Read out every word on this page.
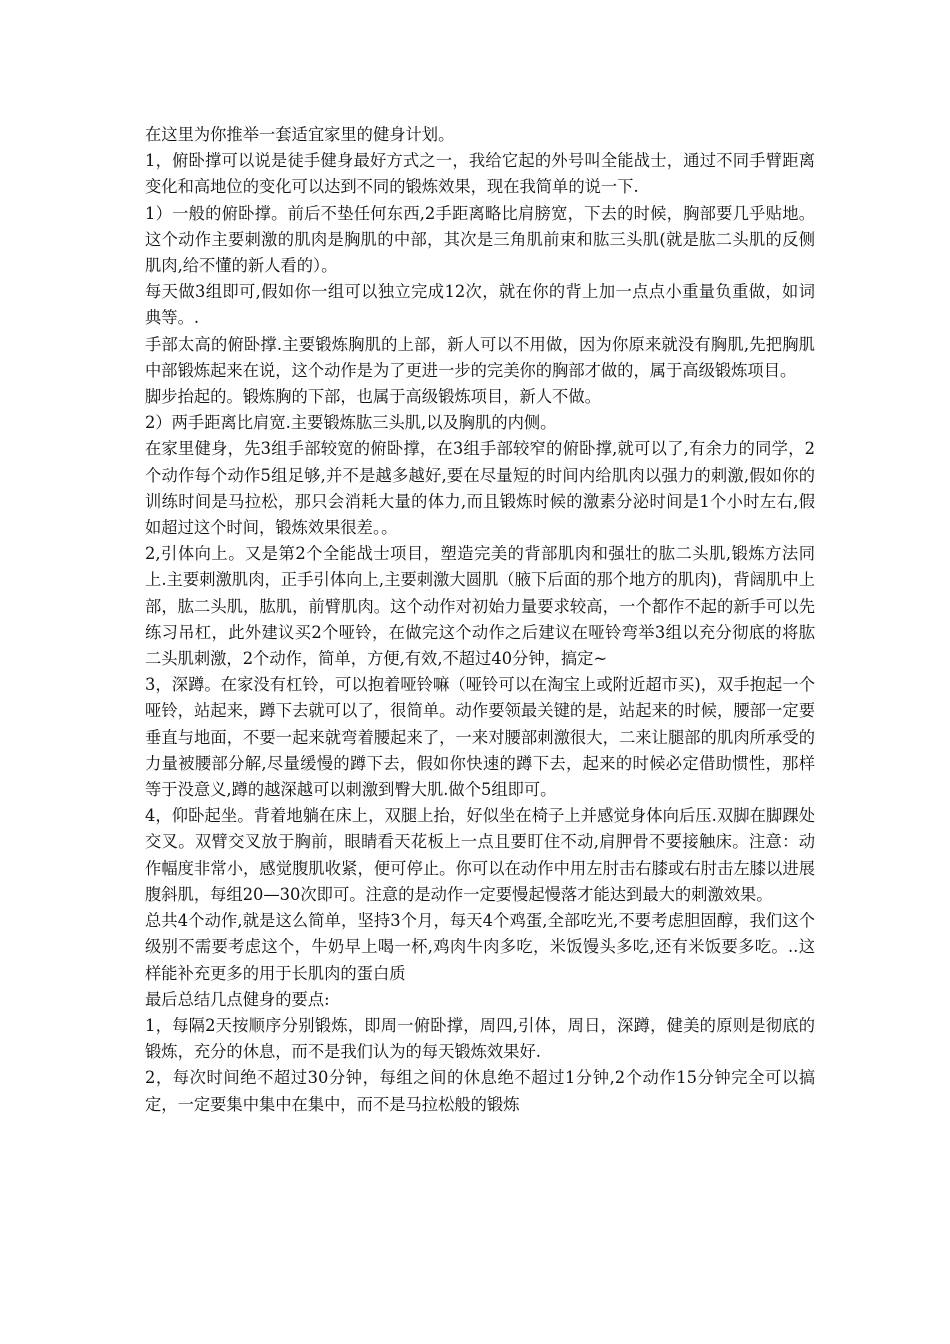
在这里为你推举一套适宜家里的健身计划。

1，俯卧撑可以说是徒手健身最好方式之一，我给它起的外号叫全能战士，通过不同手臂距离变化和高地位的变化可以达到不同的锻炼效果，现在我简单的说一下.

1）一般的俯卧撑。前后不垫任何东西,2手距离略比肩膀宽，下去的时候，胸部要几乎贴地。这个动作主要刺激的肌肉是胸肌的中部，其次是三角肌前束和肱三头肌(就是肱二头肌的反侧肌肉,给不懂的新人看的）。

每天做3组即可,假如你一组可以独立完成12次，就在你的背上加一点点小重量负重做，如词典等。.

手部太高的俯卧撑.主要锻炼胸肌的上部，新人可以不用做，因为你原来就没有胸肌,先把胸肌中部锻炼起来在说，这个动作是为了更进一步的完美你的胸部才做的，属于高级锻炼项目。

脚步抬起的。锻炼胸的下部，也属于高级锻炼项目，新人不做。

2）两手距离比肩宽.主要锻炼肱三头肌,以及胸肌的内侧。

在家里健身，先3组手部较宽的俯卧撑，在3组手部较窄的俯卧撑,就可以了,有余力的同学，2个动作每个动作5组足够,并不是越多越好,要在尽量短的时间内给肌肉以强力的刺激,假如你的训练时间是马拉松，那只会消耗大量的体力,而且锻炼时候的激素分泌时间是1个小时左右,假如超过这个时间，锻炼效果很差。。

2,引体向上。又是第2个全能战士项目，塑造完美的背部肌肉和强壮的肱二头肌,锻炼方法同上.主要刺激肌肉，正手引体向上,主要刺激大圆肌（腋下后面的那个地方的肌肉)，背阔肌中上部，肱二头肌，肱肌，前臂肌肉。这个动作对初始力量要求较高，一个都作不起的新手可以先练习吊杠，此外建议买2个哑铃，在做完这个动作之后建议在哑铃弯举3组以充分彻底的将肱二头肌刺激，2个动作，简单，方便,有效,不超过40分钟，搞定~

3，深蹲。在家没有杠铃，可以抱着哑铃嘛（哑铃可以在淘宝上或附近超市买)，双手抱起一个哑铃，站起来，蹲下去就可以了，很简单。动作要领最关键的是，站起来的时候，腰部一定要垂直与地面，不要一起来就弯着腰起来了，一来对腰部刺激很大，二来让腿部的肌肉所承受的力量被腰部分解,尽量缓慢的蹲下去，假如你快速的蹲下去，起来的时候必定借助惯性，那样等于没意义,蹲的越深越可以刺激到臀大肌.做个5组即可。

4，仰卧起坐。背着地躺在床上，双腿上抬，好似坐在椅子上并感觉身体向后压.双脚在脚踝处交叉。双臂交叉放于胸前，眼睛看天花板上一点且要盯住不动,肩胛骨不要接触床。注意：动作幅度非常小，感觉腹肌收紧，便可停止。你可以在动作中用左肘击右膝或右肘击左膝以进展腹斜肌，每组20—30次即可。注意的是动作一定要慢起慢落才能达到最大的刺激效果。

总共4个动作,就是这么简单，坚持3个月，每天4个鸡蛋,全部吃光,不要考虑胆固醇，我们这个级别不需要考虑这个，牛奶早上喝一杯,鸡肉牛肉多吃，米饭馒头多吃,还有米饭要多吃。..这样能补充更多的用于长肌肉的蛋白质

最后总结几点健身的要点:

1，每隔2天按顺序分别锻炼，即周一俯卧撑，周四,引体，周日，深蹲，健美的原则是彻底的锻炼，充分的休息，而不是我们认为的每天锻炼效果好.

2，每次时间绝不超过30分钟，每组之间的休息绝不超过1分钟,2个动作15分钟完全可以搞定，一定要集中集中在集中，而不是马拉松般的锻炼
